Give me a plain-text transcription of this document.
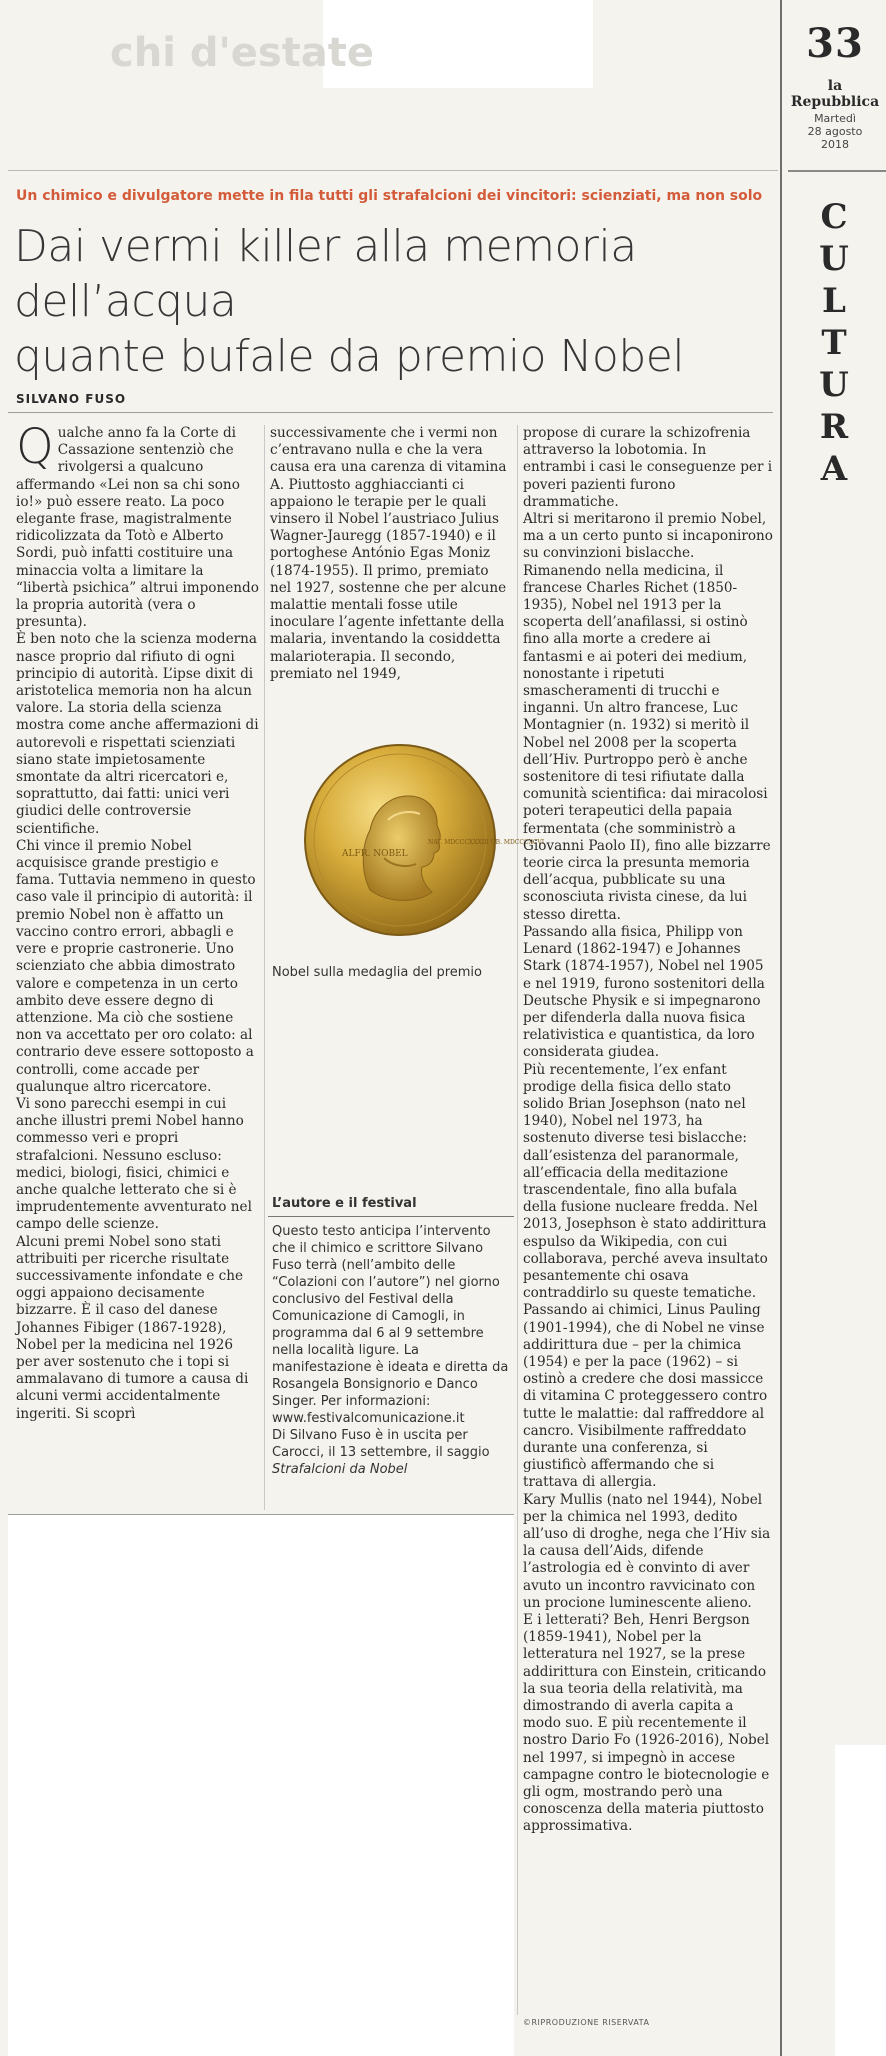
chi d'estate	33
la Repubblica
Martedì
28 agosto
2018
C
U
L
T
U
R
A
Un chimico e divulgatore mette in fila tutti gli strafalcioni dei vincitori: scienziati, ma non solo
Dai vermi killer alla memoria dell’acqua
quante bufale da premio Nobel
SILVANO FUSO

Qualche anno fa la Corte di Cassazione sentenziò che rivolgersi a qualcuno affermando «Lei non sa chi sono io!» può essere reato. La poco elegante frase, magistralmente ridicolizzata da Totò e Alberto Sordi, può infatti costituire una minaccia volta a limitare la “libertà psichica” altrui imponendo la propria autorità (vera o presunta).

È ben noto che la scienza moderna nasce proprio dal rifiuto di ogni principio di autorità. L’ipse dixit di aristotelica memoria non ha alcun valore. La storia della scienza mostra come anche affermazioni di autorevoli e rispettati scienziati siano state impietosamente smontate da altri ricercatori e, soprattutto, dai fatti: unici veri giudici delle controversie scientifiche.

Chi vince il premio Nobel acquisisce grande prestigio e fama. Tuttavia nemmeno in questo caso vale il principio di autorità: il premio Nobel non è affatto un vaccino contro errori, abbagli e vere e proprie castronerie. Uno scienziato che abbia dimostrato valore e competenza in un certo ambito deve essere degno di attenzione. Ma ciò che sostiene non va accettato per oro colato: al contrario deve essere sottoposto a controlli, come accade per qualunque altro ricercatore.

Vi sono parecchi esempi in cui anche illustri premi Nobel hanno commesso veri e propri strafalcioni. Nessuno escluso: medici, biologi, fisici, chimici e anche qualche letterato che si è imprudentemente avventurato nel campo delle scienze.

Alcuni premi Nobel sono stati attribuiti per ricerche risultate successivamente infondate e che oggi appaiono decisamente bizzarre. È il caso del danese Johannes Fibiger (1867-1928), Nobel per la medicina nel 1926 per aver sostenuto che i topi si ammalavano di tumore a causa di alcuni vermi accidentalmente ingeriti. Si scoprì

successivamente che i vermi non c’entravano nulla e che la vera causa era una carenza di vitamina A. Piuttosto agghiaccianti ci appaiono le terapie per le quali vinsero il Nobel l’austriaco Julius Wagner-Jauregg (1857-1940) e il portoghese António Egas Moniz (1874-1955). Il primo, premiato nel 1927, sostenne che per alcune malattie mentali fosse utile inoculare l’agente infettante della malaria, inventando la cosiddetta malarioterapia. Il secondo, premiato nel 1949,

ALFR. NOBEL
NAT. MDCCCXXXIII OB. MDCCCXCVI
Nobel sulla medaglia del premio
L’autore e il festival

Questo testo anticipa l’intervento che il chimico e scrittore Silvano Fuso terrà (nell’ambito delle “Colazioni con l’autore”) nel giorno conclusivo del Festival della Comunicazione di Camogli, in programma dal 6 al 9 settembre nella località ligure. La manifestazione è ideata e diretta da Rosangela Bonsignorio e Danco Singer. Per informazioni: www.festivalcomunicazione.it

Di Silvano Fuso è in uscita per Carocci, il 13 settembre, il saggio Strafalcioni da Nobel

propose di curare la schizofrenia attraverso la lobotomia. In entrambi i casi le conseguenze per i poveri pazienti furono drammatiche.

Altri si meritarono il premio Nobel, ma a un certo punto si incaponirono su convinzioni bislacche. Rimanendo nella medicina, il francese Charles Richet (1850-1935), Nobel nel 1913 per la scoperta dell’anafilassi, si ostinò fino alla morte a credere ai fantasmi e ai poteri dei medium, nonostante i ripetuti smascheramenti di trucchi e inganni. Un altro francese, Luc Montagnier (n. 1932) si meritò il Nobel nel 2008 per la scoperta dell’Hiv. Purtroppo però è anche sostenitore di tesi rifiutate dalla comunità scientifica: dai miracolosi poteri terapeutici della papaia fermentata (che somministrò a Giovanni Paolo II), fino alle bizzarre teorie circa la presunta memoria dell’acqua, pubblicate su una sconosciuta rivista cinese, da lui stesso diretta.

Passando alla fisica, Philipp von Lenard (1862-1947) e Johannes Stark (1874-1957), Nobel nel 1905 e nel 1919, furono sostenitori della Deutsche Physik e si impegnarono per difenderla dalla nuova fisica relativistica e quantistica, da loro considerata giudea.

Più recentemente, l’ex enfant prodige della fisica dello stato solido Brian Josephson (nato nel 1940), Nobel nel 1973, ha sostenuto diverse tesi bislacche: dall’esistenza del paranormale, all’efficacia della meditazione trascendentale, fino alla bufala della fusione nucleare fredda. Nel 2013, Josephson è stato addirittura espulso da Wikipedia, con cui collaborava, perché aveva insultato pesantemente chi osava contraddirlo su queste tematiche.

Passando ai chimici, Linus Pauling (1901-1994), che di Nobel ne vinse addirittura due – per la chimica (1954) e per la pace (1962) – si ostinò a credere che dosi massicce di vitamina C proteggessero contro tutte le malattie: dal raffreddore al cancro. Visibilmente raffreddato durante una conferenza, si giustificò affermando che si trattava di allergia.

Kary Mullis (nato nel 1944), Nobel per la chimica nel 1993, dedito all’uso di droghe, nega che l’Hiv sia la causa dell’Aids, difende l’astrologia ed è convinto di aver avuto un incontro ravvicinato con un procione luminescente alieno.

E i letterati? Beh, Henri Bergson (1859-1941), Nobel per la letteratura nel 1927, se la prese addirittura con Einstein, criticando la sua teoria della relatività, ma dimostrando di averla capita a modo suo. E più recentemente il nostro Dario Fo (1926-2016), Nobel nel 1997, si impegnò in accese campagne contro le biotecnologie e gli ogm, mostrando però una conoscenza della materia piuttosto approssimativa.

©RIPRODUZIONE RISERVATA
